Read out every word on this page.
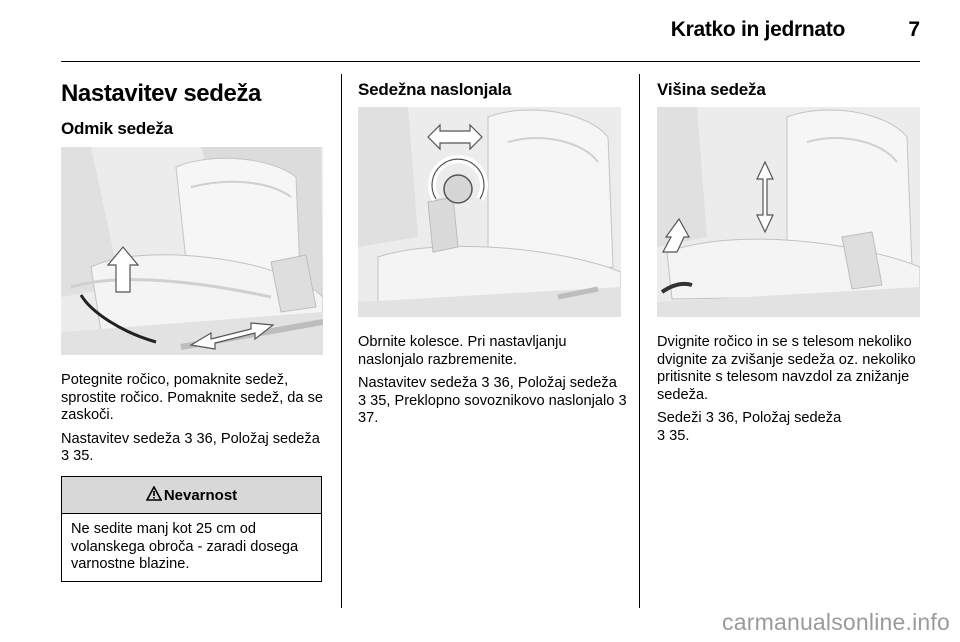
Kratko in jedrnato	7
Nastavitev sedeža
Odmik sedeža

Potegnite ročico, pomaknite sedež, sprostite ročico. Pomaknite sedež, da se zaskoči.

Nastavitev sedeža 3 36, Položaj sedeža 3 35.

Nevarnost
Ne sedite manj kot 25 cm od volanskega obroča - zaradi dosega varnostne blazine.
Sedežna naslonjala

Obrnite kolesce. Pri nastavljanju naslonjalo razbremenite.

Nastavitev sedeža 3 36, Položaj sedeža 3 35, Preklopno sovoznikovo naslonjalo 3 37.

Višina sedeža

Dvignite ročico in se s telesom nekoliko dvignite za zvišanje sedeža oz. nekoliko pritisnite s telesom navzdol za znižanje sedeža.

Sedeži 3 36, Položaj sedeža
3 35.

carmanualsonline.info
